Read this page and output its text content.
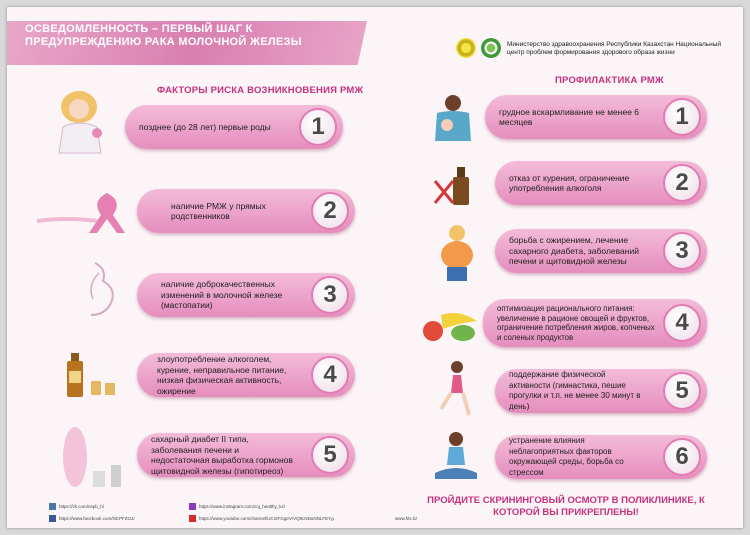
ОСВЕДОМЛЕННОСТЬ – ПЕРВЫЙ ШАГ К ПРЕДУПРЕЖДЕНИЮ РАКА МОЛОЧНОЙ ЖЕЛЕЗЫ	Министерство здравоохранения Республики Казахстан Национальный центр проблем формирования здорового образа жизни
ФАКТОРЫ РИСКА ВОЗНИКНОВЕНИЯ РМЖ
позднее (до 28 лет) первые роды	1
наличие РМЖ у прямых родственников	2
наличие доброкачественных изменений в молочной железе (мастопатии)	3
злоупотребление алкоголем, курение, неправильное питание, низкая физическая активность, ожирение
4
сахарный диабет II типа, заболевания печени и недостаточная выработка гормонов щитовидной железы (гипотиреоз)
5
ПРОФИЛАКТИКА РМЖ
грудное вскармливание не менее 6 месяцев	1
отказ от курения, ограничение употребления алкоголя	2
борьба с ожирением, лечение сахарного диабета, заболеваний печени и щитовидной железы	3
оптимизация рационального питания: увеличение в рационе овощей и фруктов, ограничение потребления жиров, копченых и соленых продуктов
4
поддержание физической активности (гимнастика, пешие прогулки и т.п. не менее 30 минут в день)
5
устранение влияния неблагоприятных факторов окружающей среды, борьба со стрессом
6
https://vk.com/nspb_hl
https://www.facebook.com/NCPFZOJ/
https://www.instagram.com/zoj_healthy_kz/
https://www.youtube.com/channel/UCntFGgeVrVQ9cNDuNNLFEYg	www.hls.kz
ПРОЙДИТЕ СКРИНИНГОВЫЙ ОСМОТР В ПОЛИКЛИНИКЕ, К КОТОРОЙ ВЫ ПРИКРЕПЛЕНЫ!
